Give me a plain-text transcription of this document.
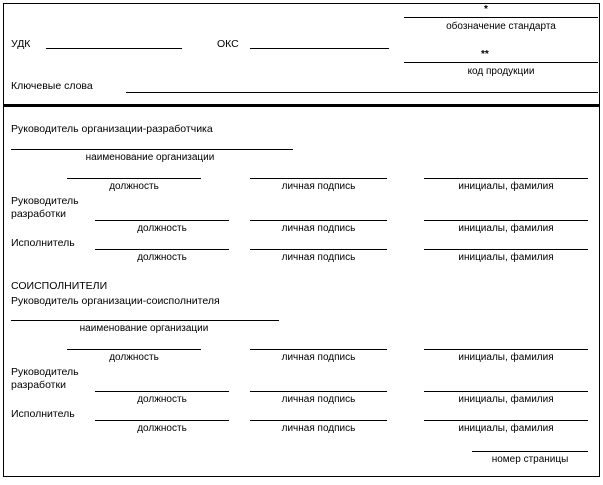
УДК	ОКС
*
обозначение стандарта
**
код продукции
Ключевые слова
Руководитель организации-разработчика
наименование организации
должность	личная подпись	инициалы, фамилия
Руководитель
разработки
должность	личная подпись	инициалы, фамилия
Исполнитель
должность	личная подпись	инициалы, фамилия
СОИСПОЛНИТЕЛИ
Руководитель организации-соисполнителя
наименование организации
должность	личная подпись	инициалы, фамилия
Руководитель
разработки
должность	личная подпись	инициалы, фамилия
Исполнитель
должность	личная подпись	инициалы, фамилия
номер страницы
